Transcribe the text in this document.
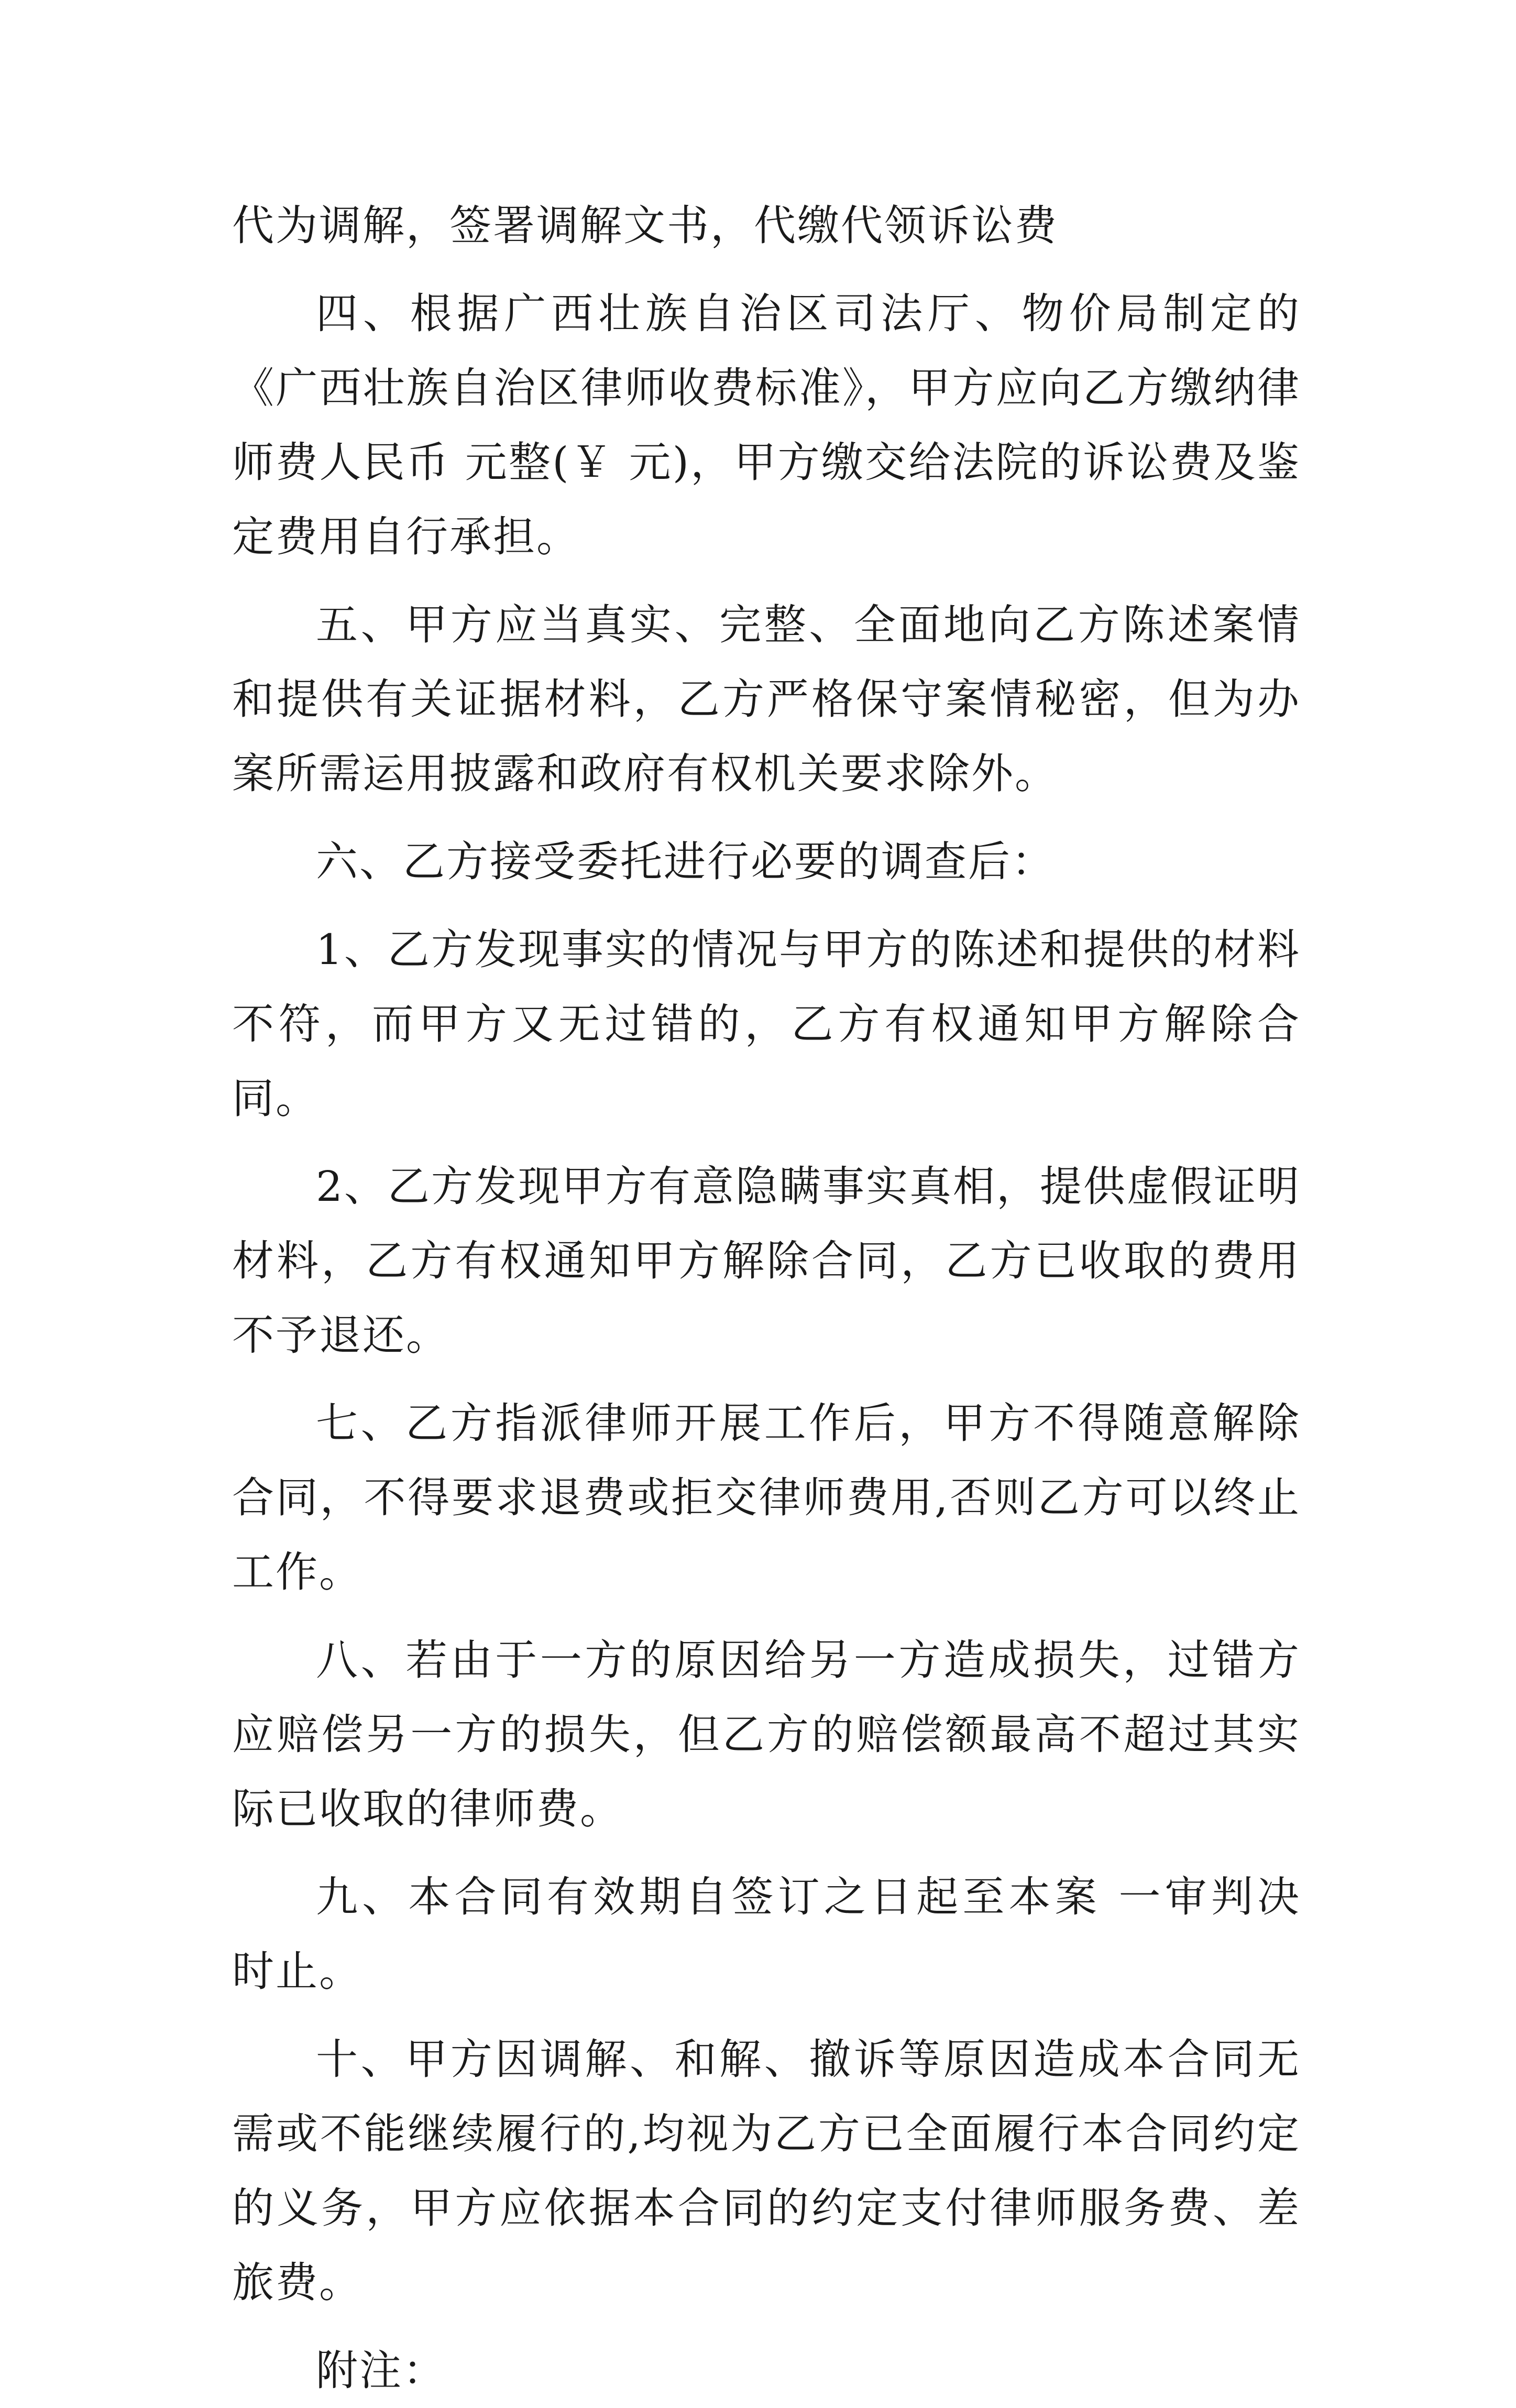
代为调解，签署调解文书，代缴代领诉讼费

四、根据广西壮族自治区司法厅、物价局制定的《广西壮族自治区律师收费标准》，甲方应向乙方缴纳律师费人民币 元整(￥ 元)，甲方缴交给法院的诉讼费及鉴定费用自行承担。

五、甲方应当真实、完整、全面地向乙方陈述案情和提供有关证据材料，乙方严格保守案情秘密，但为办案所需运用披露和政府有权机关要求除外。

六、乙方接受委托进行必要的调查后：

1、乙方发现事实的情况与甲方的陈述和提供的材料不符，而甲方又无过错的，乙方有权通知甲方解除合同。

2、乙方发现甲方有意隐瞒事实真相，提供虚假证明材料，乙方有权通知甲方解除合同，乙方已收取的费用不予退还。

七、乙方指派律师开展工作后，甲方不得随意解除合同，不得要求退费或拒交律师费用,否则乙方可以终止工作。

八、若由于一方的原因给另一方造成损失，过错方应赔偿另一方的损失，但乙方的赔偿额最高不超过其实际已收取的律师费。

九、本合同有效期自签订之日起至本案 一审判决 时止。

十、甲方因调解、和解、撤诉等原因造成本合同无需或不能继续履行的,均视为乙方已全面履行本合同约定的义务，甲方应依据本合同的约定支付律师服务费、差旅费。

附注：
